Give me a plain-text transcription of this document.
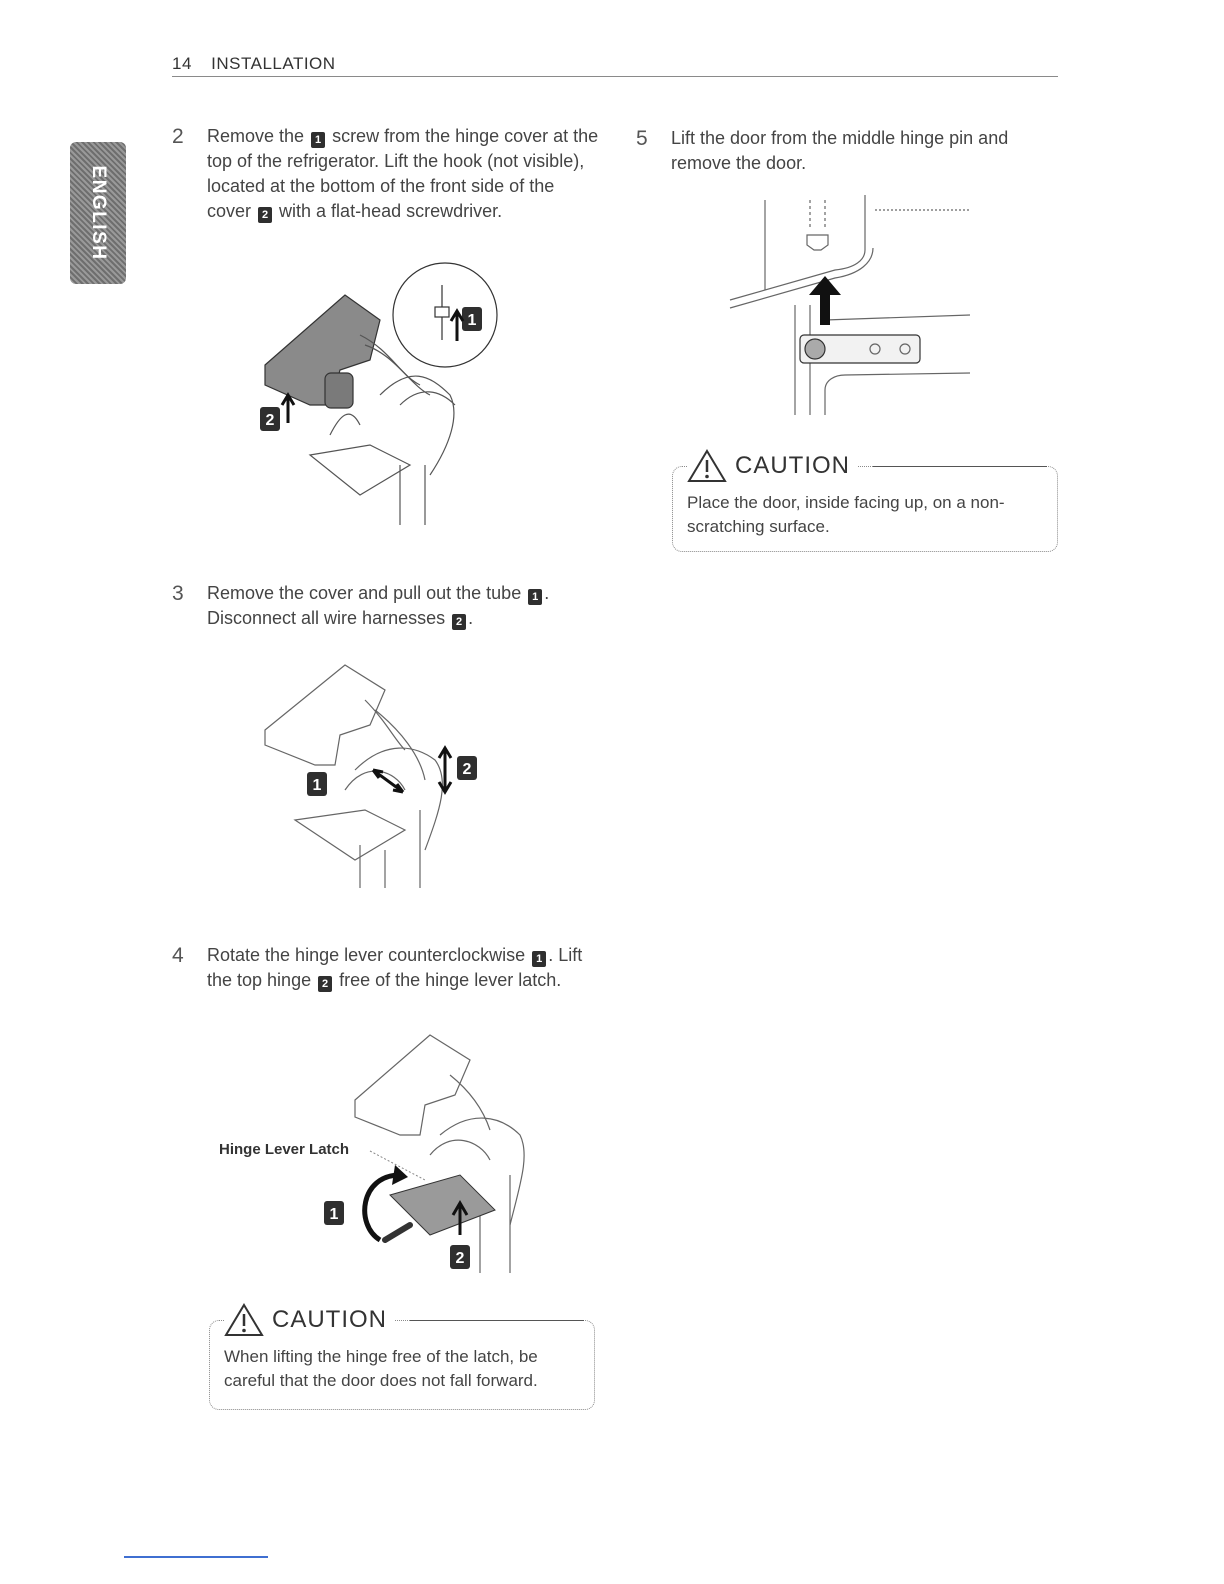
14 INSTALLATION
ENGLISH
2 Remove the 1 screw from the hinge cover at the top of the refrigerator. Lift the hook (not visible), located at the bottom of the front side of the cover 2 with a flat-head screwdriver.
1
2
3 Remove the cover and pull out the tube 1 . Disconnect all wire harnesses 2 .
1
2
4 Rotate the hinge lever counterclockwise 1 . Lift the top hinge 2 free of the hinge lever latch.
1
2
Hinge Lever Latch
CAUTION
When lifting the hinge free of the latch, be careful that the door does not fall forward.
5 Lift the door from the middle hinge pin and remove the door.
CAUTION
Place the door, inside facing up, on a non-scratching surface.
